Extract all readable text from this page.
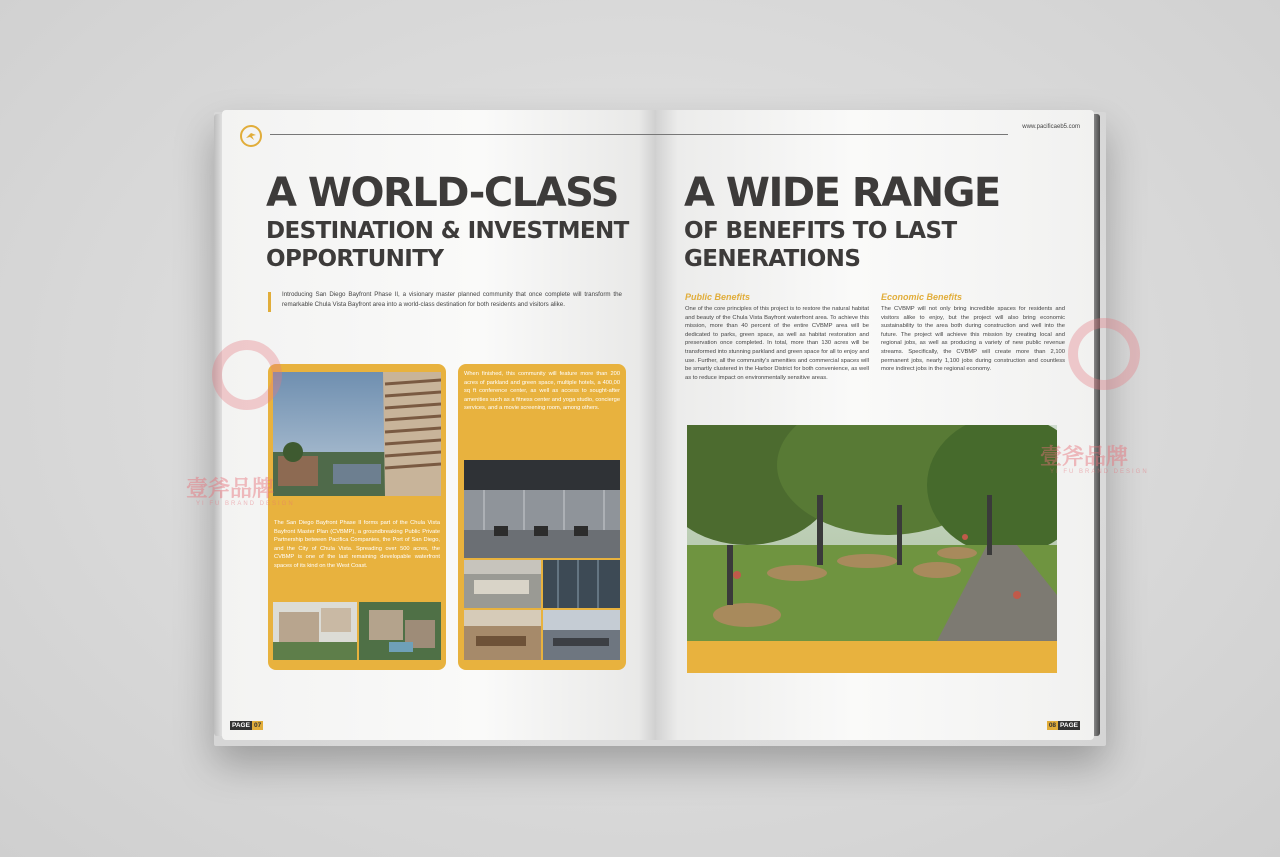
A WORLD-CLASS
DESTINATION & INVESTMENT
OPPORTUNITY
Introducing San Diego Bayfront Phase II, a visionary master planned community that once complete will transform the remarkable Chula Vista Bayfront area into a world-class destination for both residents and visitors alike.
The San Diego Bayfront Phase II forms part of the Chula Vista Bayfront Master Plan (CVBMP), a groundbreaking Public Private Partnership between Pacifica Companies, the Port of San Diego, and the City of Chula Vista. Spreading over 500 acres, the CVBMP is one of the last remaining developable waterfront spaces of its kind on the West Coast.
When finished, this community will feature more than 200 acres of parkland and green space, multiple hotels, a 400,00 sq ft conference center, as well as access to sought-after amenities such as a fitness center and yoga studio, concierge services, and a movie screening room, among others.
PAGE 07
www.pacificaeb5.com
A WIDE RANGE
OF BENEFITS TO LAST
GENERATIONS
Public Benefits
One of the core principles of this project is to restore the natural habitat and beauty of the Chula Vista Bayfront waterfront area. To achieve this mission, more than 40 percent of the entire CVBMP area will be dedicated to parks, green space, as well as habitat restoration and preservation once completed. In total, more than 130 acres will be transformed into stunning parkland and green space for all to enjoy and use. Further, all the community's amenities and commercial spaces will be smartly clustered in the Harbor District for both convenience, as well as to reduce impact on environmentally sensitive areas.
Economic Benefits
The CVBMP will not only bring incredible spaces for residents and visitors alike to enjoy, but the project will also bring economic sustainability to the area both during construction and well into the future. The project will achieve this mission by creating local and regional jobs, as well as producing a variety of new public revenue streams. Specifically, the CVBMP will create more than 2,100 permanent jobs, nearly 1,100 jobs during construction and countless more indirect jobs in the regional economy.
08 PAGE
壹斧品牌
YI FU BRAND DESIGN
壹斧品牌
YI FU BRAND DESIGN
